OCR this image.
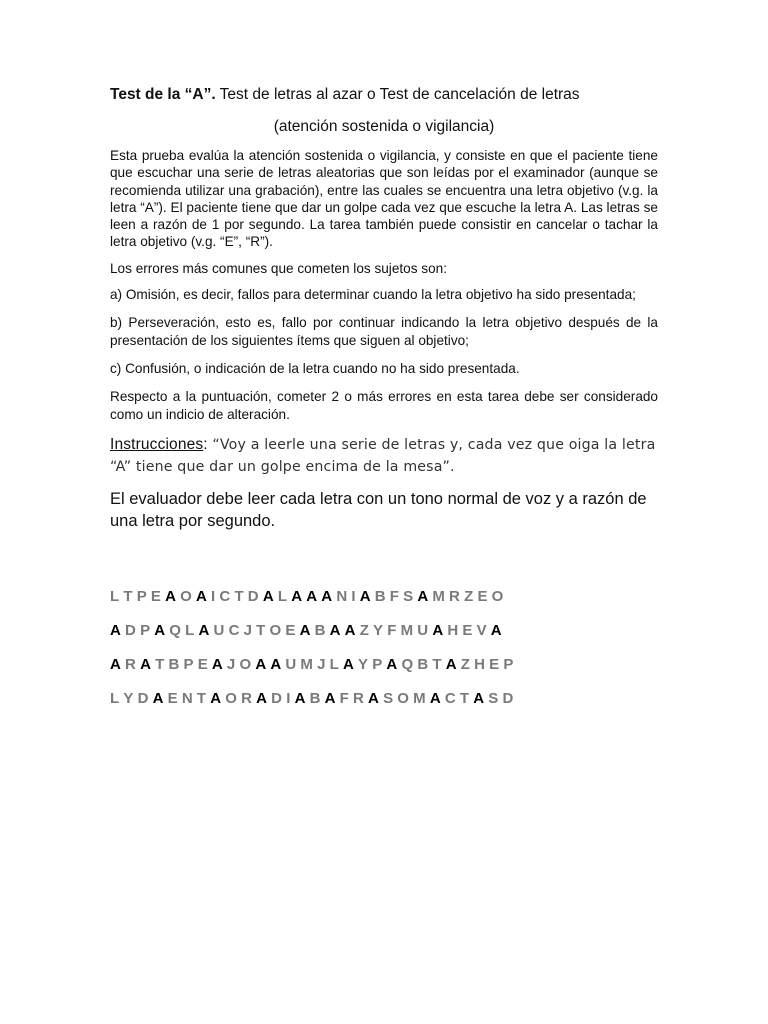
Test de la “A”. Test de letras al azar o Test de cancelación de letras

(atención sostenida o vigilancia)

Esta prueba evalúa la atención sostenida o vigilancia, y consiste en que el paciente tiene que escuchar una serie de letras aleatorias que son leídas por el examinador (aunque se recomienda utilizar una grabación), entre las cuales se encuentra una letra objetivo (v.g. la letra “A”). El paciente tiene que dar un golpe cada vez que escuche la letra A. Las letras se leen a razón de 1 por segundo. La tarea también puede consistir en cancelar o tachar la letra objetivo (v.g. “E”, “R”).

Los errores más comunes que cometen los sujetos son:

a) Omisión, es decir, fallos para determinar cuando la letra objetivo ha sido presentada;

b) Perseveración, esto es, fallo por continuar indicando la letra objetivo después de la presentación de los siguientes ítems que siguen al objetivo;

c) Confusión, o indicación de la letra cuando no ha sido presentada.

Respecto a la puntuación, cometer 2 o más errores en esta tarea debe ser considerado como un indicio de alteración.

Instrucciones: “Voy a leerle una serie de letras y, cada vez que oiga la letra “A” tiene que dar un golpe encima de la mesa”.

El evaluador debe leer cada letra con un tono normal de voz y a razón de una letra por segundo.

L T P E A O A I C T D A L A A A N I A B F S A M R Z E O
A D P A Q L A U C J T O E A B A A Z Y F M U A H E V A
A R A T B P E A J O A A U M J L A Y P A Q B T A Z H E P
L Y D A E N T A O R A D I A B A F R A S O M A C T A S D
